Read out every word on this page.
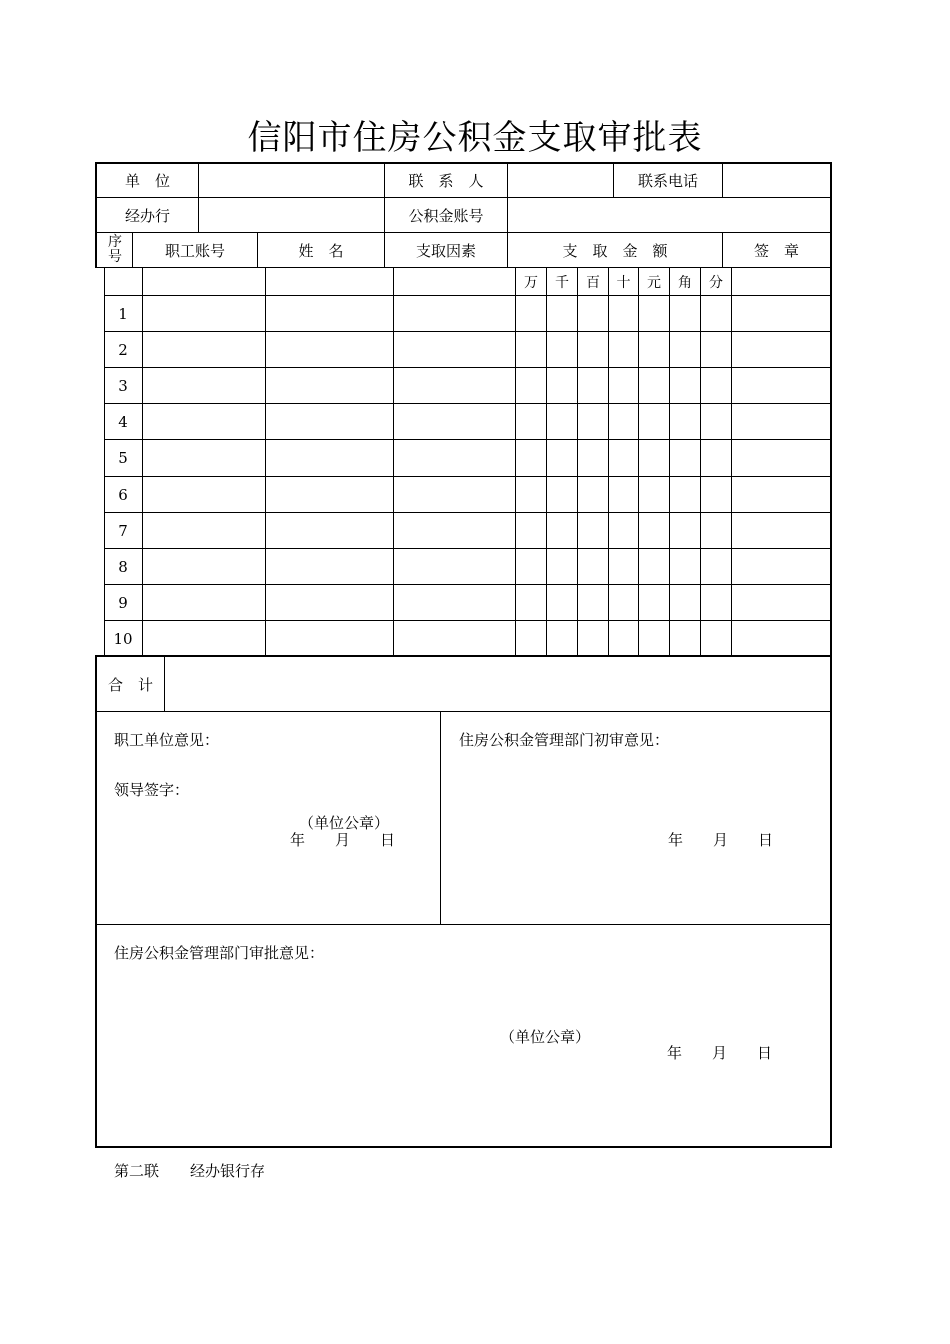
信阳市住房公积金支取审批表
单　位	联　系　人	联系电话
经办行	公积金账号
序号	职工账号	姓　名	支取因素	支　取　金　额	签　章
万	千	百	十	元	角	分
1
2
3
4
5
6
7
8
9
10
合　计
职工单位意见：
领导签字：
（单位公章）
年　　月　　日
住房公积金管理部门初审意见：
年　　月　　日
住房公积金管理部门审批意见：
（单位公章）
年　　月　　日
第二联 经办银行存
